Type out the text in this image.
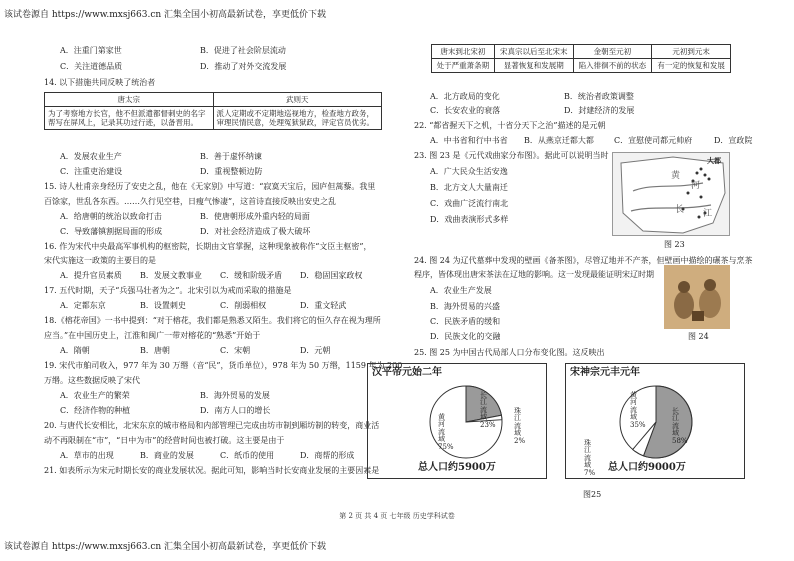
该试卷源自 https://www.mxsj663.cn 汇集全国小初高最新试卷，享更低价下载
A．注重门第家世	B．促进了社会阶层流动
C．关注道德品质	D．推动了对外交流发展
14. 以下措施共同反映了统治者
唐太宗	武则天
为了考察地方长官，他不但派遣都督刺史的名字帮写在屏风上，记录其功过行迹，以备晋用。	派人定期或不定期地巡视地方，检查地方政务，审理民情民意，处理冤狱狱政，评定官员优劣。
A．发展农业生产	B．善于虚怀纳谏
C．注重吏治建设	D．重视整顿边防
15. 诗人杜甫亲身经历了安史之乱，他在《无家别》中写道：“寂寞天宝后，园庐但蒿藜。我里
百馀家，世乱各东西。……久行见空巷，日瘦气惨凄”，这首诗直接反映出安史之乱
A．给唐朝的统治以致命打击	B．使唐朝形成外重内轻的局面
C．导致藩镇割据局面的形成	D．对社会经济造成了极大破坏
16. 作为宋代中央最高军事机构的枢密院，长期由文官掌握，这种现象被称作“文臣主枢密”，
宋代实施这一政策的主要目的是
A．提升官员素质 B．发展文教事业 C．缓和阶级矛盾 D．稳固国家政权
17. 五代时期，天子“兵强马壮者为之”。北宋引以为戒而采取的措施是
A．定都东京	B．设置刺史	C．削弱相权	D．重文轻武
18.《榕花帝国》一书中提到：“对于榕花，我们都是熟悉又陌生。我们将它的恒久存在视为理所
应当。”在中国历史上，江淮和闽广一带对榕花的“熟悉”开始于
A．隋朝	B．唐朝	C．宋朝	D．元朝
19. 宋代市舶司收入，977 年为 30 万缗（音“民”，货币单位），978 年为 50 万缗，1159 年为 200
万缗。这些数据反映了宋代
A．农业生产的繁荣	B．海外贸易的发展
C．经济作物的种植	D．南方人口的增长
20. 与唐代长安相比，北宋东京的城市格局和内部管理已完成由坊市制到厢坊制的转变，商业活
动不再限制在“市”，“日中为市”的经营时间也被打破。这主要是由于
A．草市的出现	B．商业的发展	C．纸币的使用	D．商帮的形成
21. 如表所示为宋元时期长安的商业发展状况。据此可知，影响当时长安商业发展的主要因素是
唐末到北宋初	宋真宗以后至北宋末	金朝至元初	元初到元末
处于严重萧条期	显著恢复和发展期	陷入徘徊不前的状态	有一定的恢复和发展
A．北方政局的变化	B．统治者政策调整
C．长安农业的衰落	D．封建经济的发展
22. “都省握天下之机，十省分天下之治”描述的是元朝
A．中书省和行中书省 B．从燕京迁都大都	C．宣慰使司都元帅府	D．宣政院
23. 图 23 是《元代戏曲家分布图》。据此可以说明当时
A．广大民众生活安逸
B．北方文人大量南迁
C．戏曲广泛流行南北
D．戏曲表演形式多样
大都
黄
河
长 江
图 23
24. 图 24 为辽代墓葬中发现的壁画《备茶图》，尽管辽地并不产茶，但壁画中描绘的碾茶与烹茶
程序，皆体现出唐宋茶法在辽地的影响。这一发现最能证明宋辽时期
A．农业生产发展
B．海外贸易的兴盛
C．民族矛盾的缓和
D．民族文化的交融	图 24
25. 图 25 为中国古代局部人口分布变化图。这反映出
汉平帝元始二年
长江流域
23%
珠江流域
2%
黄河流域
75%
总人口约5900万
宋神宗元丰元年
黄河流域
35%
长江流域
58%
珠江流域
7%
总人口约9000万
图25
第 2 页 共 4 页 七年级 历史学科试卷
该试卷源自 https://www.mxsj663.cn 汇集全国小初高最新试卷，享更低价下载
